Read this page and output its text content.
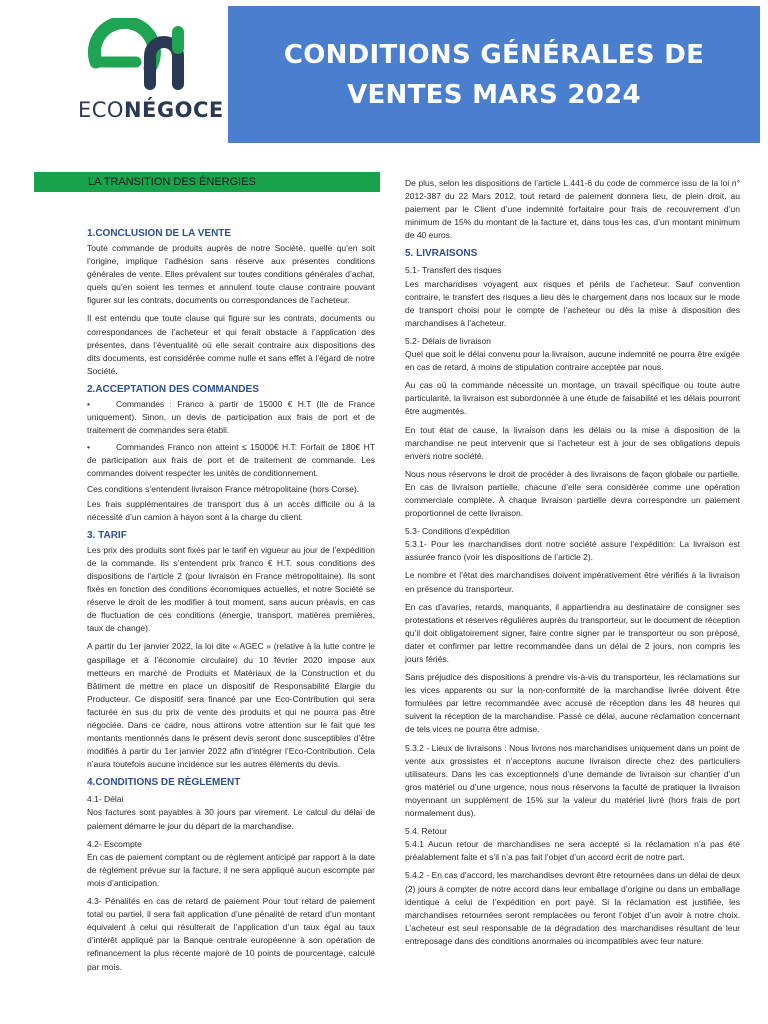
ECONÉGOCE
CONDITIONS GÉNÉRALES DE VENTES MARS 2024
LA TRANSITION DES ÉNERGIES
1.CONCLUSION DE LA VENTE

Toute commande de produits auprès de notre Société, quelle qu’en soit l’origine, implique l’adhésion sans réserve aux présentes conditions générales de vente. Elles prévalent sur toutes conditions générales d’achat, quels qu’en soient les termes et annulent toute clause contraire pouvant figurer sur les contrats, documents ou correspondances de l’acheteur.

Il est entendu que toute clause qui figure sur les contrats, documents ou correspondances de l’acheteur et qui ferait obstacle à l’application des présentes, dans l’éventualité où elle serait contraire aux dispositions des dits documents, est considérée comme nulle et sans effet à l’égard de notre Société.

2.ACCEPTATION DES COMMANDES

• Commandes : Franco à partir de 15000 € H.T (Ile de France uniquement). Sinon, un devis de participation aux frais de port et de traitement de commandes sera établi.

• Commandes Franco non atteint ≤ 15000€ H.T: Forfait de 180€ HT de participation aux frais de port et de traitement de commande. Les commandes doivent respecter les unités de conditionnement.

Ces conditions s’entendent livraison France métropolitaine (hors Corse).

Les frais supplémentaires de transport dus à un accès difficile ou à la nécessité d’un camion à hayon sont à la charge du client.

3. TARIF

Les prix des produits sont fixés par le tarif en vigueur au jour de l’expédition de la commande. Ils s’entendent prix franco € H.T. sous conditions des dispositions de l’article 2 (pour livraison en France métropolitaine). Ils sont fixés en fonction des conditions économiques actuelles, et notre Société se réserve le droit de les modifier à tout moment, sans aucun préavis, en cas de fluctuation de ces conditions (énergie, transport, matières premières, taux de change).

A partir du 1er janvier 2022, la loi dite « AGEC » (relative à la lutte contre le gaspillage et à l’économie circulaire) du 10 février 2020 impose aux metteurs en marché de Produits et Matériaux de la Construction et du Bâtiment de mettre en place un dispositif de Responsabilité Élargie du Producteur. Ce dispositif sera financé par une Eco-Contribution qui sera facturée en sus du prix de vente des produits et qui ne pourra pas être négociée. Dans ce cadre, nous attirons votre attention sur le fait que les montants mentionnés dans le présent devis seront donc susceptibles d’être modifiés à partir du 1er janvier 2022 afin d’intégrer l’Eco-Contribution. Cela n’aura toutefois aucune incidence sur les autres éléments du devis.

4.CONDITIONS DE RÈGLEMENT
4.1- Délai

Nos factures sont payables à 30 jours par virement. Le calcul du délai de paiement démarre le jour du départ de la marchandise.

4.2- Escompte

En cas de paiement comptant ou de règlement anticipé par rapport à la date de règlement prévue sur la facture, il ne sera appliqué aucun escompte par mois d’anticipation.

4.3- Pénalités en cas de retard de paiement Pour tout retard de paiement total ou partiel, il sera fait application d’une pénalité de retard d’un montant équivalent à celui qui résulterait de l’application d’un taux égal au taux d’intérêt appliqué par la Banque centrale européenne à son opération de refinancement la plus récente majoré de 10 points de pourcentage, calculé par mois.

De plus, selon les dispositions de l’article L.441-6 du code de commerce issu de la loi n° 2012-387 du 22 Mars 2012, tout retard de paiement donnera lieu, de plein droit, au paiement par le Client d’une indemnité forfaitaire pour frais de recouvrement d’un minimum de 15% du montant de la facture et, dans tous les cas, d’un montant minimum de 40 euros.

5. LIVRAISONS
5.1- Transfert des risques

Les marchandises voyagent aux risques et périls de l’acheteur. Sauf convention contraire, le transfert des risques a lieu dès le chargement dans nos locaux sur le mode de transport choisi pour le compte de l’acheteur ou dès la mise à disposition des marchandises à l’acheteur.

5.2- Délais de livraison

Quel que soit le délai convenu pour la livraison, aucune indemnité ne pourra être exigée en cas de retard, à moins de stipulation contraire acceptée par nous.

Au cas où la commande nécessite un montage, un travail spécifique ou toute autre particularité, la livraison est subordonnée à une étude de faisabilité et les délais pourront être augmentés.

En tout état de cause, la livraison dans les délais ou la mise à disposition de la marchandise ne peut intervenir que si l’acheteur est à jour de ses obligations depuis envers notre société.

Nous nous réservons le droit de procéder à des livraisons de façon globale ou partielle. En cas de livraison partielle, chacune d’elle sera considérée comme une opération commerciale complète. À chaque livraison partielle devra correspondre un paiement proportionnel de cette livraison.

5.3- Conditions d’expédition

5.3.1- Pour les marchandises dont notre société assure l’expédition: La livraison est assurée franco (voir les dispositions de l’article 2).

Le nombre et l’état des marchandises doivent impérativement être vérifiés à la livraison en présence du transporteur.

En cas d’avaries, retards, manquants, il appartiendra au destinataire de consigner ses protestations et réserves régulières auprès du transporteur, sur le document de réception qu’il doit obligatoirement signer, faire contre signer par le transporteur ou son préposé, dater et confirmer par lettre recommandée dans un délai de 2 jours, non compris les jours fériés.

Sans préjudice des dispositions à prendre vis-à-vis du transporteur, les réclamations sur les vices apparents ou sur la non-conformité de la marchandise livrée doivent être formulées par lettre recommandée avec accusé de réception dans les 48 heures qui suivent la réception de la marchandise. Passé ce délai, aucune réclamation concernant de tels vices ne pourra être admise.

5.3.2 - Lieux de livraisons : Nous livrons nos marchandises uniquement dans un point de vente aux grossistes et n’acceptons aucune livraison directe chez des particuliers utilisateurs. Dans les cas exceptionnels d’une demande de livraison sur chantier d’un gros matériel ou d’une urgence, nous nous réservons la faculté de pratiquer la livraison moyennant un supplément de 15% sur la valeur du matériel livré (hors frais de port normalement dus).

5.4. Retour

5.4.1 Aucun retour de marchandises ne sera accepté si la réclamation n’a pas été préalablement faite et s’il n’a pas fait l’objet d’un accord écrit de notre part.

5.4.2 - En cas d’accord, les marchandises devront être retournées dans un délai de deux (2) jours à compter de notre accord dans leur emballage d’origine ou dans un emballage identique à celui de l’expédition en port payé. Si la réclamation est justifiée, les marchandises retournées seront remplacées ou feront l’objet d’un avoir à notre choix. L’acheteur est seul responsable de la dégradation des marchandises résultant de leur entreposage dans des conditions anormales ou incompatibles avec leur nature.
